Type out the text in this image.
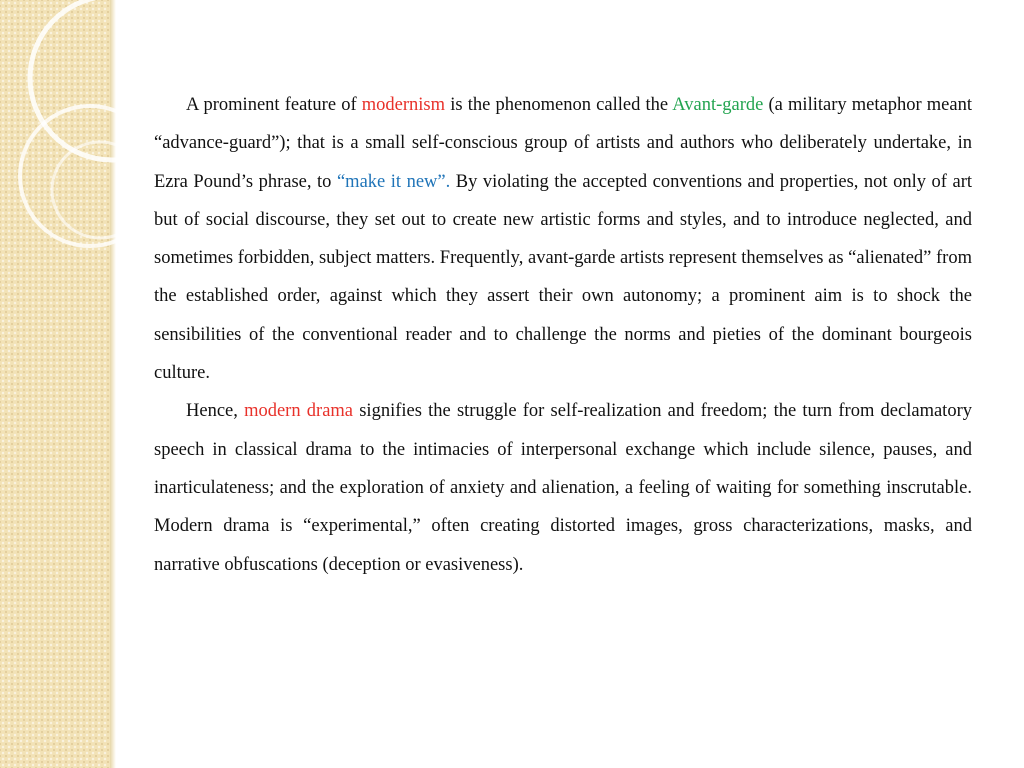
A prominent feature of modernism is the phenomenon called the Avant-garde (a military metaphor meant “advance-guard”); that is a small self-conscious group of artists and authors who deliberately undertake, in Ezra Pound’s phrase, to “make it new”. By violating the accepted conventions and properties, not only of art but of social discourse, they set out to create new artistic forms and styles, and to introduce neglected, and sometimes forbidden, subject matters. Frequently, avant-garde artists represent themselves as “alienated” from the established order, against which they assert their own autonomy; a prominent aim is to shock the sensibilities of the conventional reader and to challenge the norms and pieties of the dominant bourgeois culture.

Hence, modern drama signifies the struggle for self-realization and freedom; the turn from declamatory speech in classical drama to the intimacies of interpersonal exchange which include silence, pauses, and inarticulateness; and the exploration of anxiety and alienation, a feeling of waiting for something inscrutable. Modern drama is “experimental,” often creating distorted images, gross characterizations, masks, and narrative obfuscations (deception or evasiveness).
